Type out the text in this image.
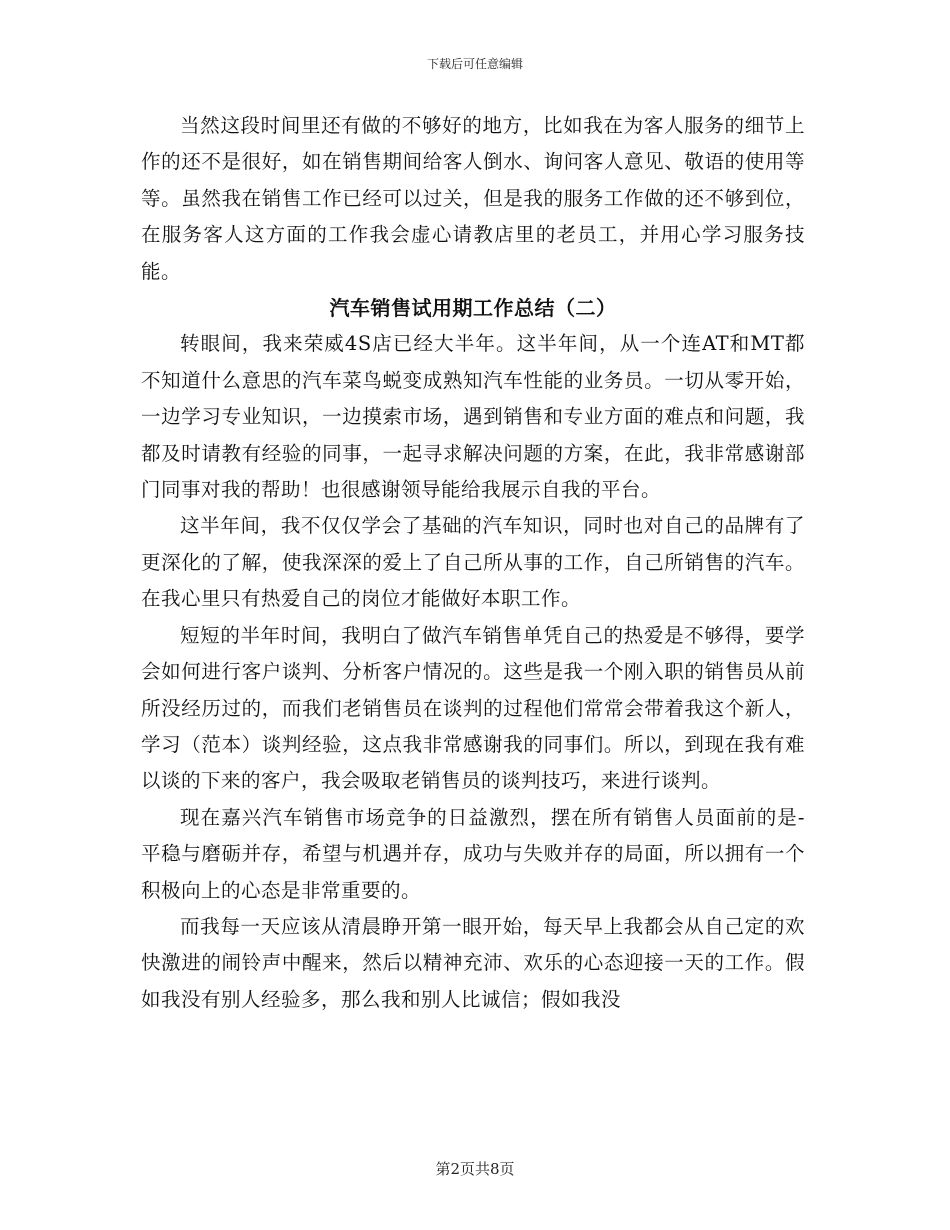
下载后可任意编辑

当然这段时间里还有做的不够好的地方，比如我在为客人服务的细节上作的还不是很好，如在销售期间给客人倒水、询问客人意见、敬语的使用等等。虽然我在销售工作已经可以过关，但是我的服务工作做的还不够到位，在服务客人这方面的工作我会虚心请教店里的老员工，并用心学习服务技能。

汽车销售试用期工作总结（二）

转眼间，我来荣威4S店已经大半年。这半年间，从一个连AT和MT都不知道什么意思的汽车菜鸟蜕变成熟知汽车性能的业务员。一切从零开始，一边学习专业知识，一边摸索市场，遇到销售和专业方面的难点和问题，我都及时请教有经验的同事，一起寻求解决问题的方案，在此，我非常感谢部门同事对我的帮助！也很感谢领导能给我展示自我的平台。

这半年间，我不仅仅学会了基础的汽车知识，同时也对自己的品牌有了更深化的了解，使我深深的爱上了自己所从事的工作，自己所销售的汽车。在我心里只有热爱自己的岗位才能做好本职工作。

短短的半年时间，我明白了做汽车销售单凭自己的热爱是不够得，要学会如何进行客户谈判、分析客户情况的。这些是我一个刚入职的销售员从前所没经历过的，而我们老销售员在谈判的过程他们常常会带着我这个新人，学习（范本）谈判经验，这点我非常感谢我的同事们。所以，到现在我有难以谈的下来的客户，我会吸取老销售员的谈判技巧，来进行谈判。

现在嘉兴汽车销售市场竞争的日益激烈，摆在所有销售人员面前的是-平稳与磨砺并存，希望与机遇并存，成功与失败并存的局面，所以拥有一个积极向上的心态是非常重要的。

而我每一天应该从清晨睁开第一眼开始，每天早上我都会从自己定的欢快激进的闹铃声中醒来，然后以精神充沛、欢乐的心态迎接一天的工作。假如我没有别人经验多，那么我和别人比诚信；假如我没

第2页共8页
